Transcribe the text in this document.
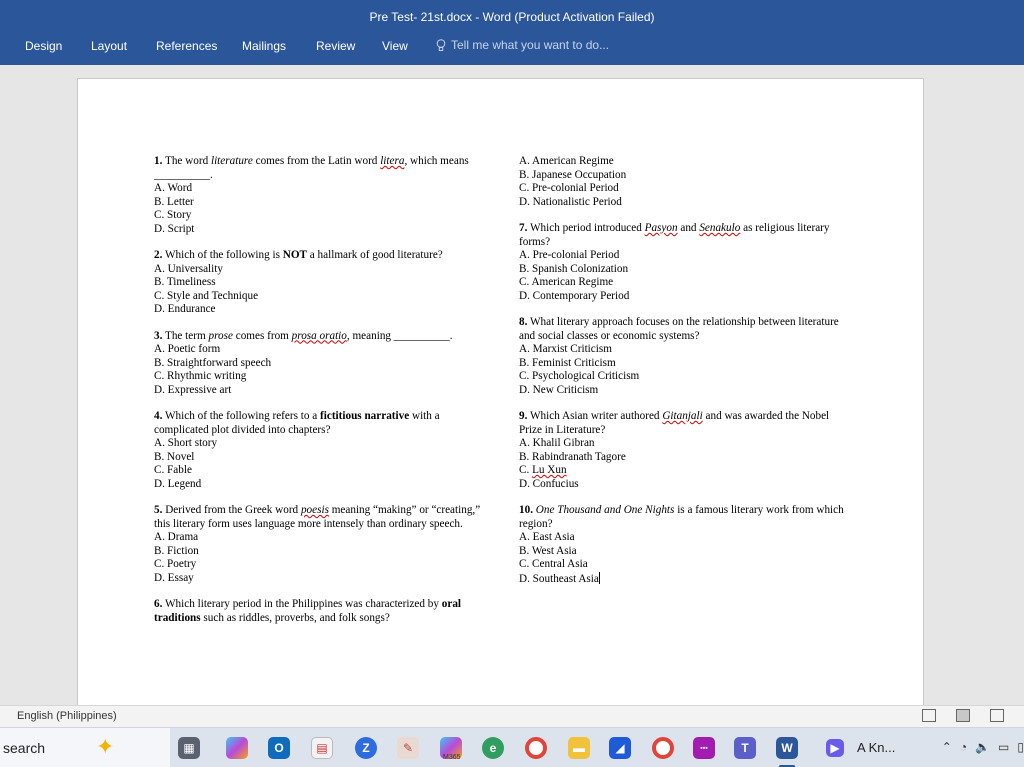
Pre Test- 21st.docx - Word (Product Activation Failed)
Design Layout References Mailings Review View	Tell me what you want to do...

1. The word literature comes from the Latin word litera, which means __________.

A. Word

B. Letter

C. Story

D. Script

2. Which of the following is NOT a hallmark of good literature?

A. Universality

B. Timeliness

C. Style and Technique

D. Endurance

3. The term prose comes from prosa oratio, meaning __________.

A. Poetic form

B. Straightforward speech

C. Rhythmic writing

D. Expressive art

4. Which of the following refers to a fictitious narrative with a complicated plot divided into chapters?

A. Short story

B. Novel

C. Fable

D. Legend

5. Derived from the Greek word poesis meaning “making” or “creating,” this literary form uses language more intensely than ordinary speech.

A. Drama

B. Fiction

C. Poetry

D. Essay

6. Which literary period in the Philippines was characterized by oral traditions such as riddles, proverbs, and folk songs?

A. American Regime

B. Japanese Occupation

C. Pre-colonial Period

D. Nationalistic Period

7. Which period introduced Pasyon and Senakulo as religious literary forms?

A. Pre-colonial Period

B. Spanish Colonization

C. American Regime

D. Contemporary Period

8. What literary approach focuses on the relationship between literature and social classes or economic systems?

A. Marxist Criticism

B. Feminist Criticism

C. Psychological Criticism

D. New Criticism

9. Which Asian writer authored Gitanjali and was awarded the Nobel Prize in Literature?

A. Khalil Gibran

B. Rabindranath Tagore

C. Lu Xun

D. Confucius

10. One Thousand and One Nights is a famous literary work from which region?

A. East Asia

B. West Asia

C. Central Asia

D. Southeast Asia

English (Philippines)
search ✦	▦	O	▤	Z	✎
M365
e	▬	◢	▪▪▪	T	W	▶	A Kn...	⌃ ◔ 🔈 ▭ ▯
